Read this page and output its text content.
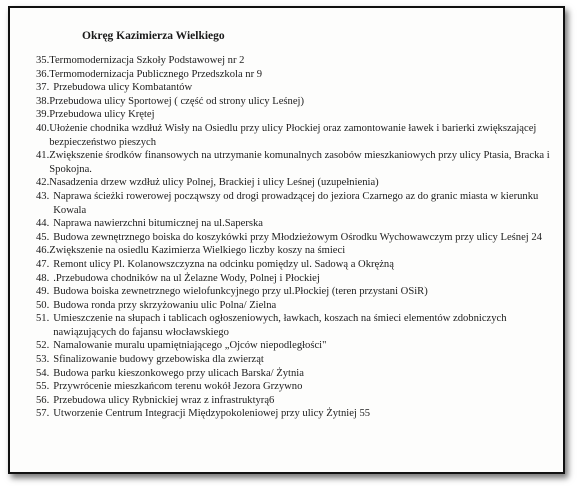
Okręg Kazimierza Wielkiego
35. Termomodernizacja Szkoły Podstawowej nr 2
36. Termomodernizacja Publicznego Przedszkola nr 9
37. Przebudowa ulicy Kombatantów
38. Przebudowa ulicy Sportowej ( część od strony ulicy Leśnej)
39. Przebudowa ulicy Krętej
40. Ułożenie chodnika wzdłuż Wisły na Osiedlu przy ulicy Płockiej oraz zamontowanie ławek i barierki zwiększającej bezpieczeństwo pieszych
41. Zwiększenie środków finansowych na utrzymanie komunalnych zasobów mieszkaniowych przy ulicy Ptasia, Bracka i Spokojna.
42. Nasadzenia drzew wzdłuż ulicy Polnej, Brackiej i ulicy Leśnej (uzupełnienia)
43. Naprawa ścieżki rowerowej począwszy od drogi prowadzącej do jeziora Czarnego az do granic miasta w kierunku Kowala
44. Naprawa nawierzchni bitumicznej na ul.Saperska
45. Budowa zewnętrznego boiska do koszykówki przy Młodzieżowym Ośrodku Wychowawczym przy ulicy Leśnej 24
46. Zwiększenie na osiedlu Kazimierza Wielkiego liczby koszy na śmieci
47. Remont ulicy Pl. Kolanowszczyzna na odcinku pomiędzy ul. Sadową a Okrężną
48. .Przebudowa chodników na ul Żelazne Wody, Polnej i Płockiej
49. Budowa boiska zewnetrznego wielofunkcyjnego przy ul.Płockiej (teren przystani OSiR)
50. Budowa ronda przy skrzyżowaniu ulic Polna/ Zielna
51. Umieszczenie na słupach i tablicach ogłoszeniowych, ławkach, koszach na śmieci elementów zdobniczych nawiązujących do fajansu włocławskiego
52. Namalowanie muralu upamiętniającego „Ojców niepodległości"
53. Sfinalizowanie budowy grzebowiska dla zwierząt
54. Budowa parku kieszonkowego przy ulicach Barska/ Żytnia
55. Przywrócenie mieszkańcom terenu wokół Jezora Grzywno
56. Przebudowa ulicy Rybnickiej wraz z infrastruktyrą6
57. Utworzenie Centrum Integracji Międzypokoleniowej przy ulicy Żytniej 55
